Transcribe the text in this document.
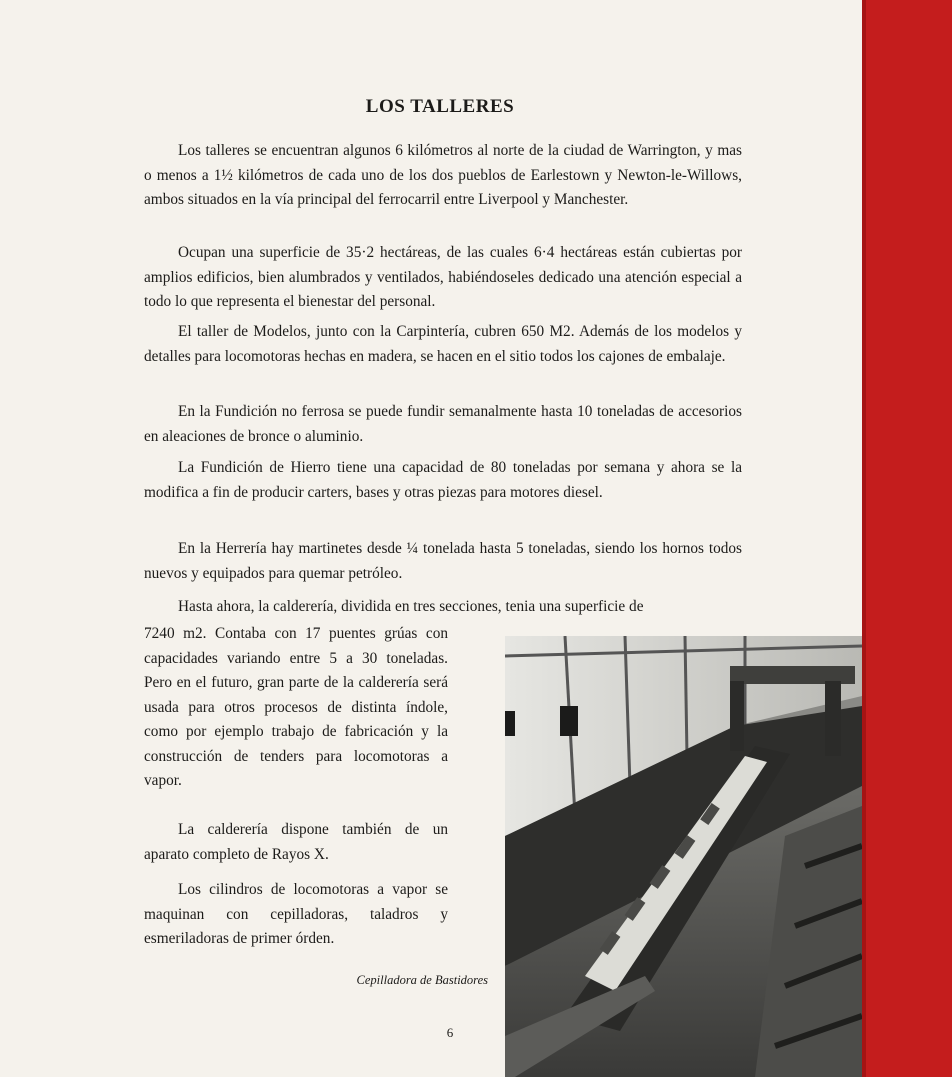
LOS TALLERES

Los talleres se encuentran algunos 6 kilómetros al norte de la ciudad de Warrington, y mas o menos a 1½ kilómetros de cada uno de los dos pueblos de Earlestown y Newton-le-Willows, ambos situados en la vía principal del ferrocarril entre Liverpool y Manchester.

Ocupan una superficie de 35·2 hectáreas, de las cuales 6·4 hectáreas están cubiertas por amplios edificios, bien alumbrados y ventilados, habiéndoseles dedicado una atención especial a todo lo que representa el bienestar del personal.

El taller de Modelos, junto con la Carpintería, cubren 650 M2. Además de los modelos y detalles para locomotoras hechas en madera, se hacen en el sitio todos los cajones de embalaje.

En la Fundición no ferrosa se puede fundir semanalmente hasta 10 toneladas de accesorios en aleaciones de bronce o aluminio.

La Fundición de Hierro tiene una capacidad de 80 toneladas por semana y ahora se la modifica a fin de producir carters, bases y otras piezas para motores diesel.

En la Herrería hay martinetes desde ¼ tonelada hasta 5 toneladas, siendo los hornos todos nuevos y equipados para quemar petróleo.

Hasta ahora, la calderería, dividida en tres secciones, tenia una superficie de

7240 m2. Contaba con 17 puentes grúas con capacidades variando entre 5 a 30 toneladas. Pero en el futuro, gran parte de la calderería será usada para otros procesos de distinta índole, como por ejemplo trabajo de fabricación y la construcción de tenders para locomotoras a vapor.

La calderería dispone también de un aparato completo de Rayos X.

Los cilindros de locomotoras a vapor se maquinan con cepilladoras, taladros y esmeriladoras de primer órden.

Cepilladora de Bastidores
6
